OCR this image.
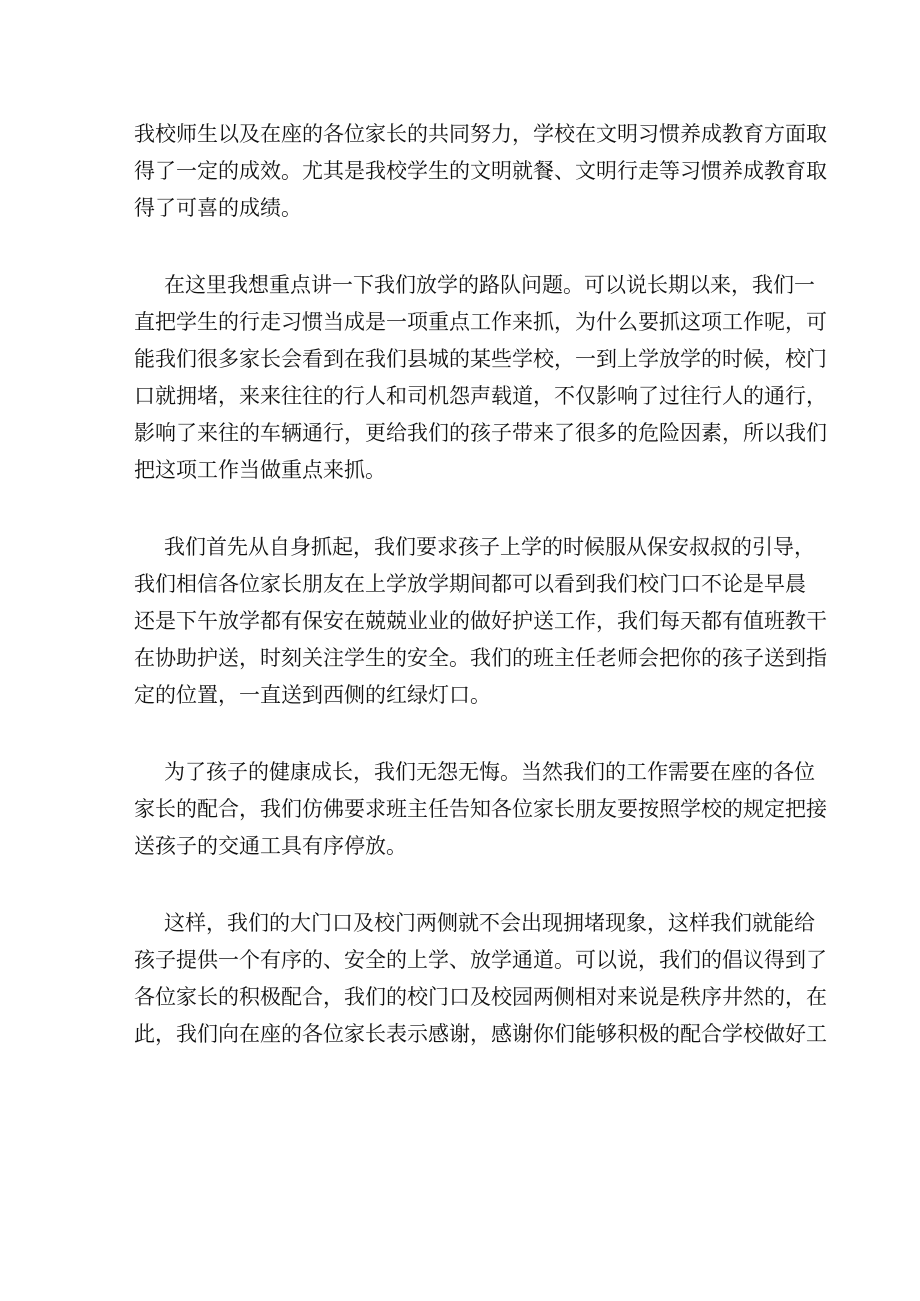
我校师生以及在座的各位家长的共同努力，学校在文明习惯养成教育方面取
得了一定的成效。尤其是我校学生的文明就餐、文明行走等习惯养成教育取
得了可喜的成绩。

在这里我想重点讲一下我们放学的路队问题。可以说长期以来，我们一
直把学生的行走习惯当成是一项重点工作来抓，为什么要抓这项工作呢，可
能我们很多家长会看到在我们县城的某些学校，一到上学放学的时候，校门
口就拥堵，来来往往的行人和司机怨声载道，不仅影响了过往行人的通行，
影响了来往的车辆通行，更给我们的孩子带来了很多的危险因素，所以我们
把这项工作当做重点来抓。

我们首先从自身抓起，我们要求孩子上学的时候服从保安叔叔的引导，
我们相信各位家长朋友在上学放学期间都可以看到我们校门口不论是早晨
还是下午放学都有保安在兢兢业业的做好护送工作，我们每天都有值班教干
在协助护送，时刻关注学生的安全。我们的班主任老师会把你的孩子送到指
定的位置，一直送到西侧的红绿灯口。

为了孩子的健康成长，我们无怨无悔。当然我们的工作需要在座的各位
家长的配合，我们仿佛要求班主任告知各位家长朋友要按照学校的规定把接
送孩子的交通工具有序停放。

这样，我们的大门口及校门两侧就不会出现拥堵现象，这样我们就能给
孩子提供一个有序的、安全的上学、放学通道。可以说，我们的倡议得到了
各位家长的积极配合，我们的校门口及校园两侧相对来说是秩序井然的，在
此，我们向在座的各位家长表示感谢，感谢你们能够积极的配合学校做好工
